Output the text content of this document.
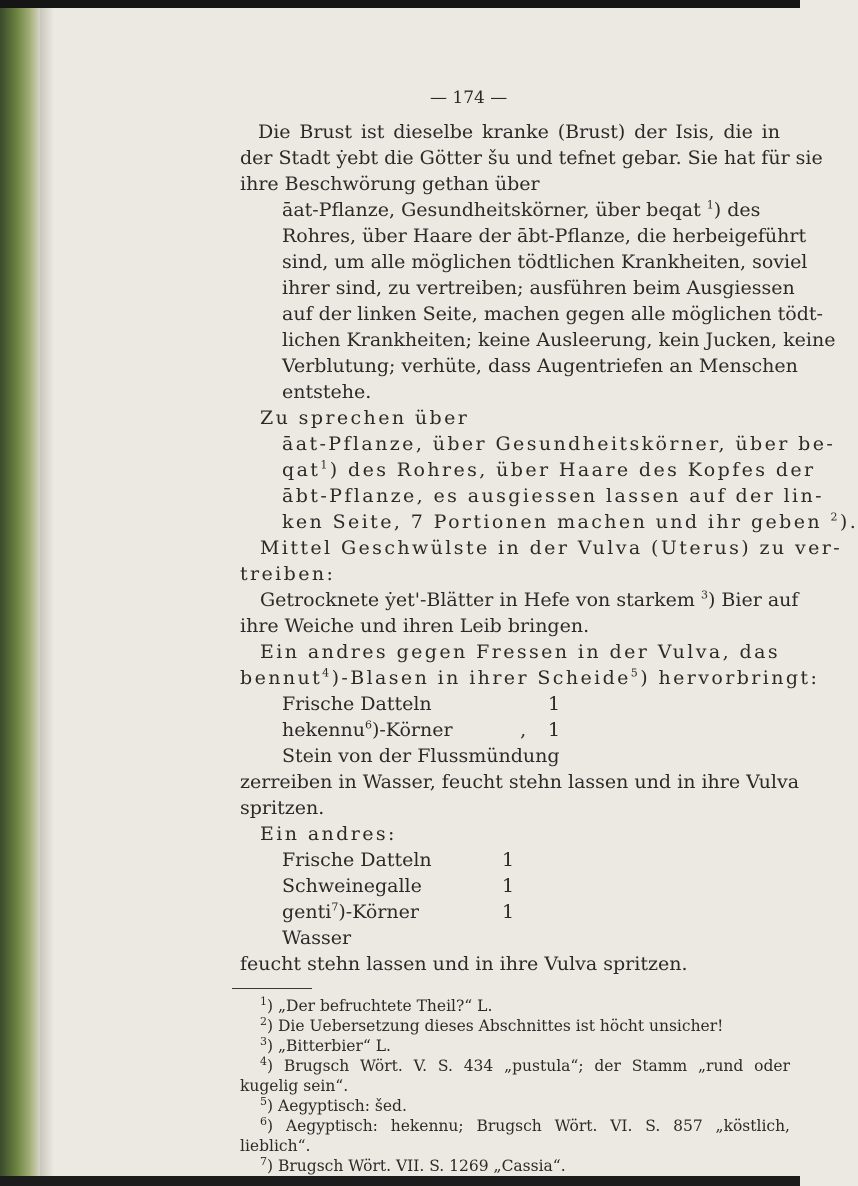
— 174 —
Die Brust ist dieselbe kranke (Brust) der Isis, die in
der Stadt ẏebt die Götter šu und tefnet gebar. Sie hat für sie
ihre Beschwörung gethan über
āat-Pflanze, Gesundheitskörner, über beqat $^1$) des
Rohres, über Haare der ābt-Pflanze, die herbeigeführt
sind, um alle möglichen tödtlichen Krankheiten, soviel
ihrer sind, zu vertreiben; ausführen beim Ausgiessen
auf der linken Seite, machen gegen alle möglichen tödt-
lichen Krankheiten; keine Ausleerung, kein Jucken, keine
Verblutung; verhüte, dass Augentriefen an Menschen
entstehe.
Zu sprechen über
āat-Pflanze, über Gesundheitskörner, über be-
qat$^1$) des Rohres, über Haare des Kopfes der
ābt-Pflanze, es ausgiessen lassen auf der lin-
ken Seite, 7 Portionen machen und ihr geben $^2$).
Mittel Geschwülste in der Vulva (Uterus) zu ver-
treiben:
Getrocknete ẏet'-Blätter in Hefe von starkem $^3$) Bier auf
ihre Weiche und ihren Leib bringen.
Ein andres gegen Fressen in der Vulva, das
bennut$^4$)-Blasen in ihrer Scheide$^5$) hervorbringt:
Frische Datteln	1
hekennu$^6$)-Körner	‚ 1
Stein von der Flussmündung
zerreiben in Wasser, feucht stehn lassen und in ihre Vulva
spritzen.
Ein andres:
Frische Datteln	1
Schweinegalle	1
genti$^7$)-Körner	1
Wasser
feucht stehn lassen und in ihre Vulva spritzen.
$^1$) „Der befruchtete Theil?“ L.
$^2$) Die Uebersetzung dieses Abschnittes ist höcht unsicher!
$^3$) „Bitterbier“ L.
$^4$) Brugsch Wört. V. S. 434 „pustula“; der Stamm „rund oder
kugelig sein“.
$^5$) Aegyptisch: šed.
$^6$) Aegyptisch: hekennu; Brugsch Wört. VI. S. 857 „köstlich,
lieblich“.
$^7$) Brugsch Wört. VII. S. 1269 „Cassia“.
